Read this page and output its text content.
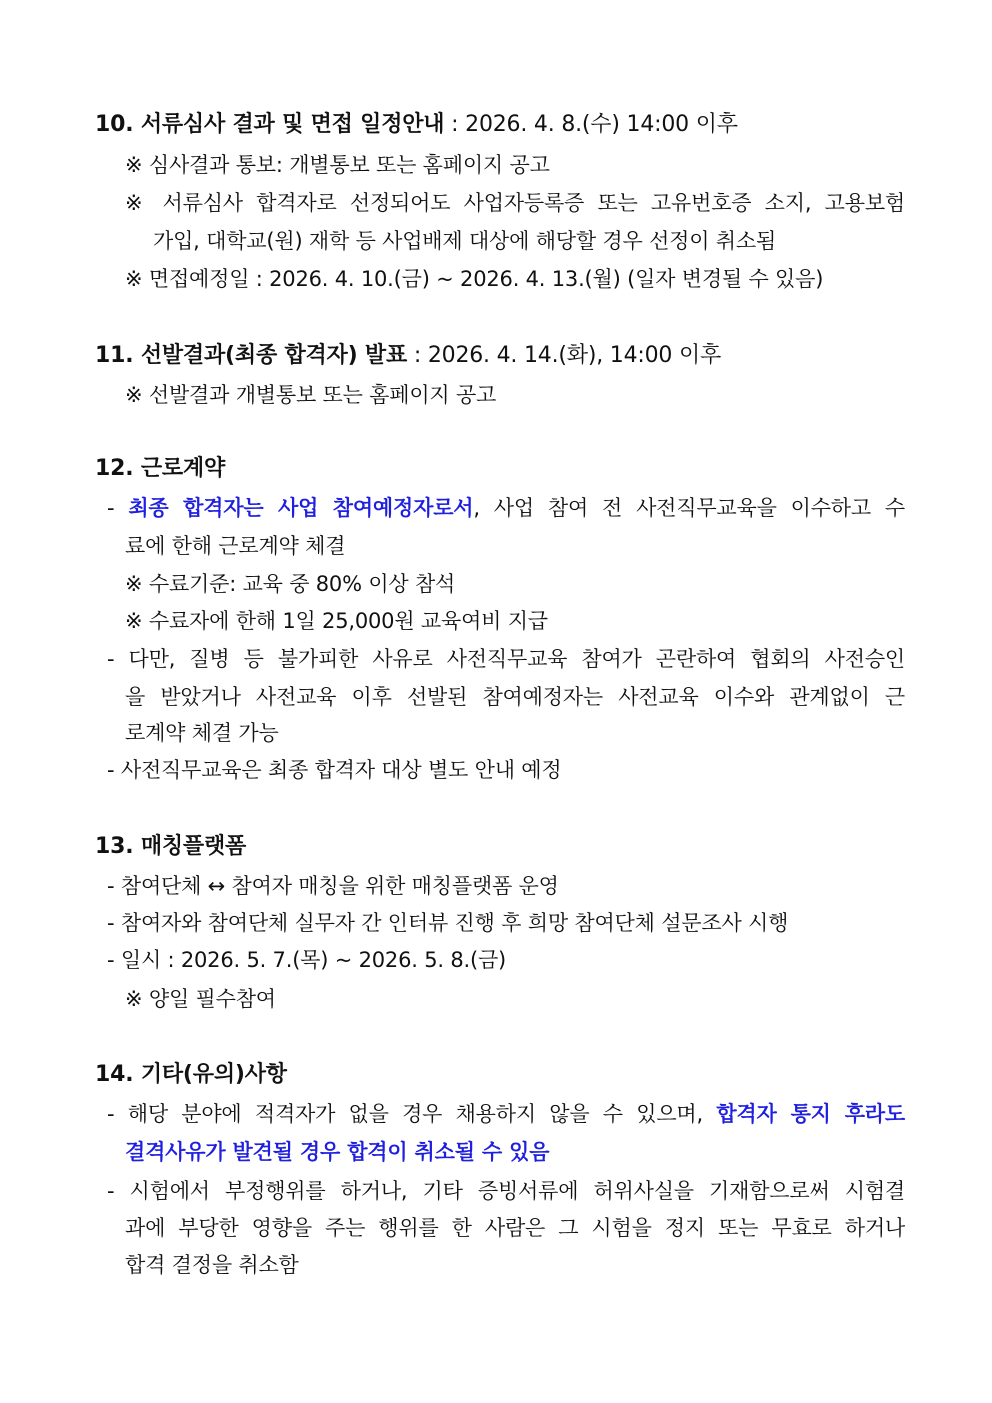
10. 서류심사 결과 및 면접 일정안내 : 2026. 4. 8.(수) 14:00 이후
※ 심사결과 통보: 개별통보 또는 홈페이지 공고
※ 서류심사 합격자로 선정되어도 사업자등록증 또는 고유번호증 소지, 고용보험
가입, 대학교(원) 재학 등 사업배제 대상에 해당할 경우 선정이 취소됨
※ 면접예정일 : 2026. 4. 10.(금) ~ 2026. 4. 13.(월) (일자 변경될 수 있음)
11. 선발결과(최종 합격자) 발표 : 2026. 4. 14.(화), 14:00 이후
※ 선발결과 개별통보 또는 홈페이지 공고
12. 근로계약
- 최종 합격자는 사업 참여예정자로서, 사업 참여 전 사전직무교육을 이수하고 수
료에 한해 근로계약 체결
※ 수료기준: 교육 중 80% 이상 참석
※ 수료자에 한해 1일 25,000원 교육여비 지급
- 다만, 질병 등 불가피한 사유로 사전직무교육 참여가 곤란하여 협회의 사전승인
을 받았거나 사전교육 이후 선발된 참여예정자는 사전교육 이수와 관계없이 근
로계약 체결 가능
- 사전직무교육은 최종 합격자 대상 별도 안내 예정
13. 매칭플랫폼
- 참여단체 ↔ 참여자 매칭을 위한 매칭플랫폼 운영
- 참여자와 참여단체 실무자 간 인터뷰 진행 후 희망 참여단체 설문조사 시행
- 일시 : 2026. 5. 7.(목) ~ 2026. 5. 8.(금)
※ 양일 필수참여
14. 기타(유의)사항
- 해당 분야에 적격자가 없을 경우 채용하지 않을 수 있으며, 합격자 통지 후라도
결격사유가 발견될 경우 합격이 취소될 수 있음
- 시험에서 부정행위를 하거나, 기타 증빙서류에 허위사실을 기재함으로써 시험결
과에 부당한 영향을 주는 행위를 한 사람은 그 시험을 정지 또는 무효로 하거나
합격 결정을 취소함
